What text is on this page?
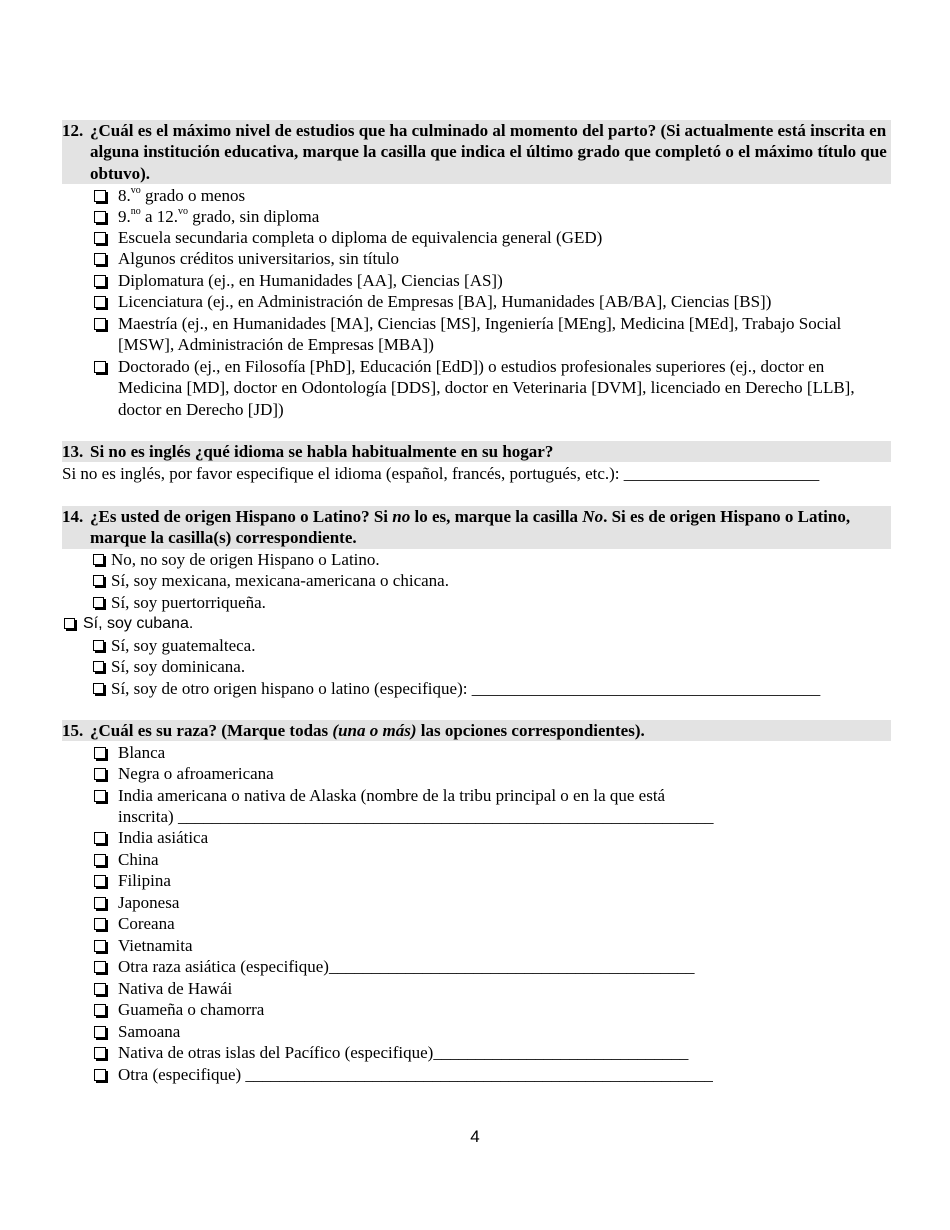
12. ¿Cuál es el máximo nivel de estudios que ha culminado al momento del parto? (Si actualmente está inscrita en alguna institución educativa, marque la casilla que indica el último grado que completó o el máximo título que obtuvo).
8.$^{vo}$ grado o menos
9.$^{no}$ a 12.$^{vo}$ grado, sin diploma
Escuela secundaria completa o diploma de equivalencia general (GED)
Algunos créditos universitarios, sin título
Diplomatura (ej., en Humanidades [AA], Ciencias [AS])
Licenciatura (ej., en Administración de Empresas [BA], Humanidades [AB/BA], Ciencias [BS])
Maestría (ej., en Humanidades [MA], Ciencias [MS], Ingeniería [MEng], Medicina [MEd], Trabajo Social [MSW], Administración de Empresas [MBA])
Doctorado (ej., en Filosofía [PhD], Educación [EdD]) o estudios profesionales superiores (ej., doctor en Medicina [MD], doctor en Odontología [DDS], doctor en Veterinaria [DVM], licenciado en Derecho [LLB], doctor en Derecho [JD])
13. Si no es inglés ¿qué idioma se habla habitualmente en su hogar?
Si no es inglés, por favor especifique el idioma (español, francés, portugués, etc.): _______________________
14. ¿Es usted de origen Hispano o Latino? Si no lo es, marque la casilla No. Si es de origen Hispano o Latino, marque la casilla(s) correspondiente.
No, no soy de origen Hispano o Latino.
Sí, soy mexicana, mexicana-americana o chicana.
Sí, soy puertorriqueña.
Sí, soy cubana.
Sí, soy guatemalteca.
Sí, soy dominicana.
Sí, soy de otro origen hispano o latino (especifique): _________________________________________
15. ¿Cuál es su raza? (Marque todas (una o más) las opciones correspondientes).
Blanca
Negra o afroamericana
India americana o nativa de Alaska (nombre de la tribu principal o en la que está
inscrita) _______________________________________________________________
India asiática
China
Filipina
Japonesa
Coreana
Vietnamita
Otra raza asiática (especifique)___________________________________________
Nativa de Hawái
Guameña o chamorra
Samoana
Nativa de otras islas del Pacífico (especifique)______________________________
Otra (especifique) _______________________________________________________
4
